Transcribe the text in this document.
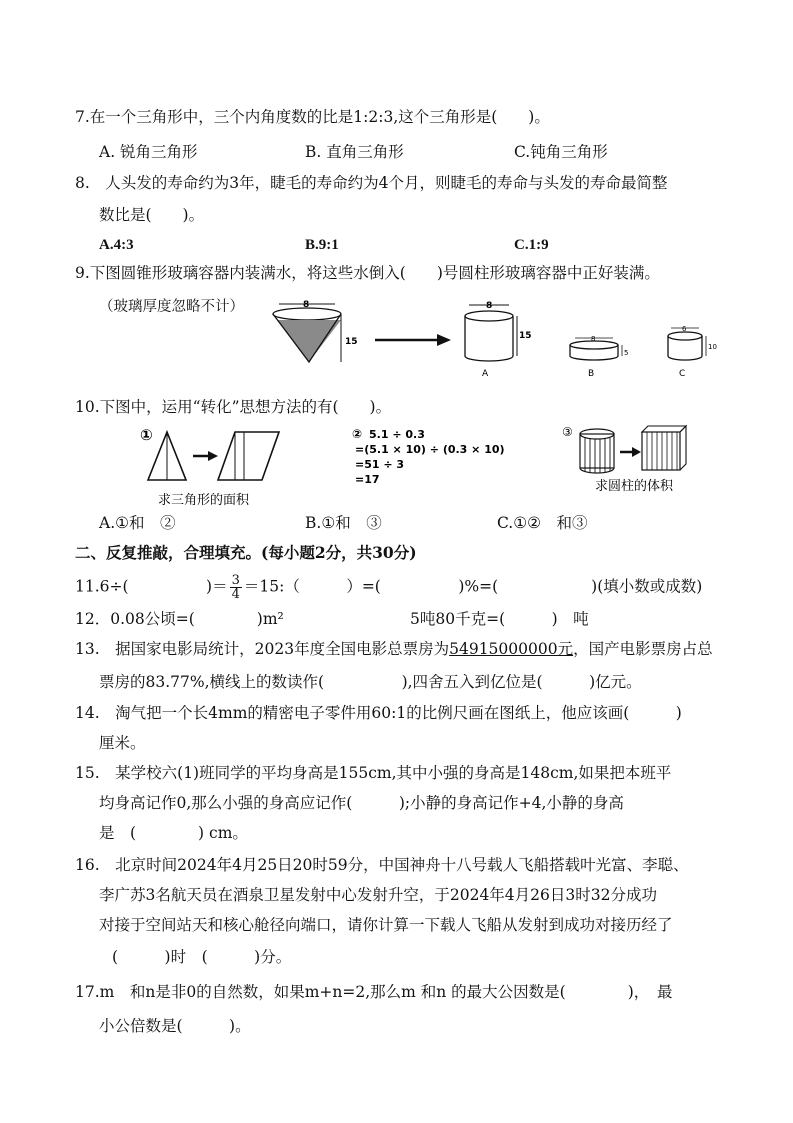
7.在一个三角形中，三个内角度数的比是1:2:3,这个三角形是(　　)。
A. 锐角三角形	B. 直角三角形	C.钝角三角形
8.　人头发的寿命约为3年，睫毛的寿命约为4个月，则睫毛的寿命与头发的寿命最简整
数比是(　　)。
A.4:3	B.9:1	C.1:9
9.下图圆锥形玻璃容器内装满水，将这些水倒入(　　)号圆柱形玻璃容器中正好装满。
（玻璃厚度忽略不计）	8
15
8
15
A
8
5
B
6
10
C
10.下图中，运用“转化”思想方法的有(　　)。
①
求三角形的面积
② 5.1 ÷ 0.3
=(5.1 × 10) ÷ (0.3 × 10)
=51 ÷ 3
=17
③
求圆柱的体积
A.①和　②	B.①和　③	C.①②　和③
二、反复推敲，合理填充。(每小题2分，共30分)
11.6÷(　　　　　)＝ $\frac{3}{4}$ ＝15:（　　　）=(　　　　　)%=(　　　　　　)(填小数或成数)
12．0.08公顷=(　　　　)m²	5吨80千克=(　　　)　吨
13.　据国家电影局统计，2023年度全国电影总票房为54915000000元，国产电影票房占总
票房的83.77%,横线上的数读作(　　　　　),四舍五入到亿位是(　　　)亿元。
14.　淘气把一个长4mm的精密电子零件用60:1的比例尺画在图纸上，他应该画(　　　)
厘米。
15.　某学校六(1)班同学的平均身高是155cm,其中小强的身高是148cm,如果把本班平
均身高记作0,那么小强的身高应记作(　　　);小静的身高记作+4,小静的身高
是　(　　　　) cm。
16.　北京时间2024年4月25日20时59分，中国神舟十八号载人飞船搭载叶光富、李聪、
李广苏3名航天员在酒泉卫星发射中心发射升空，于2024年4月26日3时32分成功
对接于空间站天和核心舱径向端口，请你计算一下载人飞船从发射到成功对接历经了
(　　　)时　(　　　)分。
17.m　和n是非0的自然数，如果m+n=2,那么m 和n 的最大公因数是(　　　　)，　最
小公倍数是(　　　)。
